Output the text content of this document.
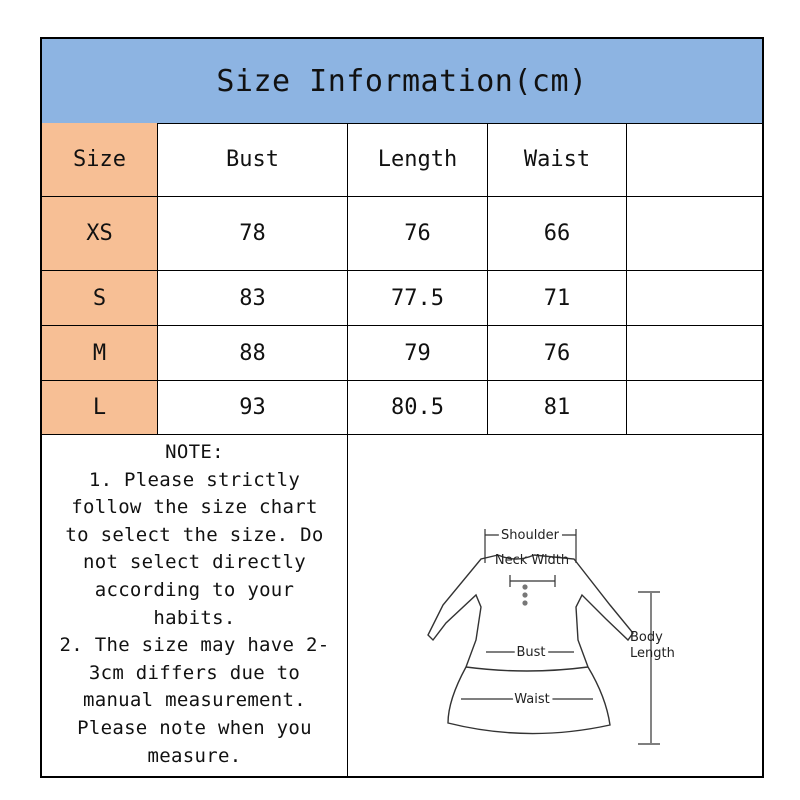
Size Information(cm)
Size	Bust	Length	Waist
XS	78	76	66
S	83	77.5	71
M	88	79	76
L	93	80.5	81
NOTE:
1. Please strictly
follow the size chart
to select the size. Do
not select directly
according to your
habits.
2. The size may have 2-
3cm differs due to
manual measurement.
Please note when you
measure.
Shoulder
Neck Width
Bust
Waist
Body
Length
